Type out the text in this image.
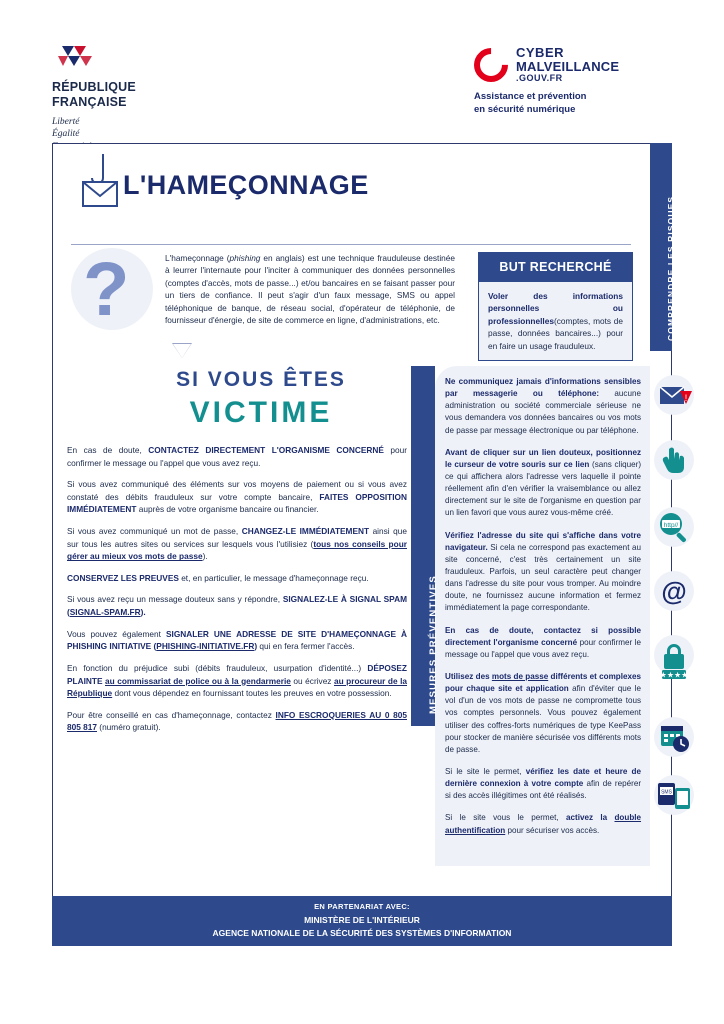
RÉPUBLIQUE
FRANÇAISE
Liberté
Égalité
CYBER
MALVEILLANCE
.GOUV.FR
Assistance et prévention
en sécurité numérique
COMPRENDRE LES RISQUES
L'HAMEÇONNAGE
?	L'hameçonnage (phishing en anglais) est une technique frauduleuse destinée à leurrer l'internaute pour l'inciter à communiquer des données personnelles (comptes d'accès, mots de passe...) et/ou bancaires en se faisant passer pour un tiers de confiance. Il peut s'agir d'un faux message, SMS ou appel téléphonique de banque, de réseau social, d'opérateur de téléphonie, de fournisseur d'énergie, de site de commerce en ligne, d'administrations, etc.
BUT RECHERCHÉ
Voler des informations personnelles ou professionnelles(comptes, mots de passe, données bancaires...) pour en faire un usage frauduleux.
SI VOUS ÊTES
VICTIME

En cas de doute, CONTACTEZ DIRECTEMENT L'ORGANISME CONCERNÉ pour confirmer le message ou l'appel que vous avez reçu.

Si vous avez communiqué des éléments sur vos moyens de paiement ou si vous avez constaté des débits frauduleux sur votre compte bancaire, FAITES OPPOSITION IMMÉDIATEMENT auprès de votre organisme bancaire ou financier.

Si vous avez communiqué un mot de passe, CHANGEZ-LE IMMÉDIATEMENT ainsi que sur tous les autres sites ou services sur lesquels vous l'utilisiez (tous nos conseils pour gérer au mieux vos mots de passe).

CONSERVEZ LES PREUVES et, en particulier, le message d'hameçonnage reçu.

Si vous avez reçu un message douteux sans y répondre, SIGNALEZ-LE À SIGNAL SPAM (SIGNAL-SPAM.FR).

Vous pouvez également SIGNALER UNE ADRESSE DE SITE D'HAMEÇONNAGE À PHISHING INITIATIVE (PHISHING-INITIATIVE.FR) qui en fera fermer l'accès.

En fonction du préjudice subi (débits frauduleux, usurpation d'identité...) DÉPOSEZ PLAINTE au commissariat de police ou à la gendarmerie ou écrivez au procureur de la République dont vous dépendez en fournissant toutes les preuves en votre possession.

Pour être conseillé en cas d'hameçonnage, contactez INFO ESCROQUERIES AU 0 805 805 817 (numéro gratuit).

MESURES PRÉVENTIVES

Ne communiquez jamais d'informations sensibles par messagerie ou téléphone: aucune administration ou société commerciale sérieuse ne vous demandera vos données bancaires ou vos mots de passe par message électronique ou par téléphone.

Avant de cliquer sur un lien douteux, positionnez le curseur de votre souris sur ce lien (sans cliquer) ce qui affichera alors l'adresse vers laquelle il pointe réellement afin d'en vérifier la vraisemblance ou allez directement sur le site de l'organisme en question par un lien favori que vous aurez vous-même créé.

Vérifiez l'adresse du site qui s'affiche dans votre navigateur. Si cela ne correspond pas exactement au site concerné, c'est très certainement un site frauduleux. Parfois, un seul caractère peut changer dans l'adresse du site pour vous tromper. Au moindre doute, ne fournissez aucune information et fermez immédiatement la page correspondante.

En cas de doute, contactez si possible directement l'organisme concerné pour confirmer le message ou l'appel que vous avez reçu.

Utilisez des mots de passe différents et complexes pour chaque site et application afin d'éviter que le vol d'un de vos mots de passe ne compromette tous vos comptes personnels. Vous pouvez également utiliser des coffres-forts numériques de type KeePass pour stocker de manière sécurisée vos différents mots de passe.

Si le site le permet, vérifiez les date et heure de dernière connexion à votre compte afin de repérer si des accès illégitimes ont été réalisés.

Si le site vous le permet, activez la double authentification pour sécuriser vos accès.

!
http//
@
★★★★
SMS
EN PARTENARIAT AVEC:
MINISTÈRE DE L'INTÉRIEUR
AGENCE NATIONALE DE LA SÉCURITÉ DES SYSTÈMES D'INFORMATION
